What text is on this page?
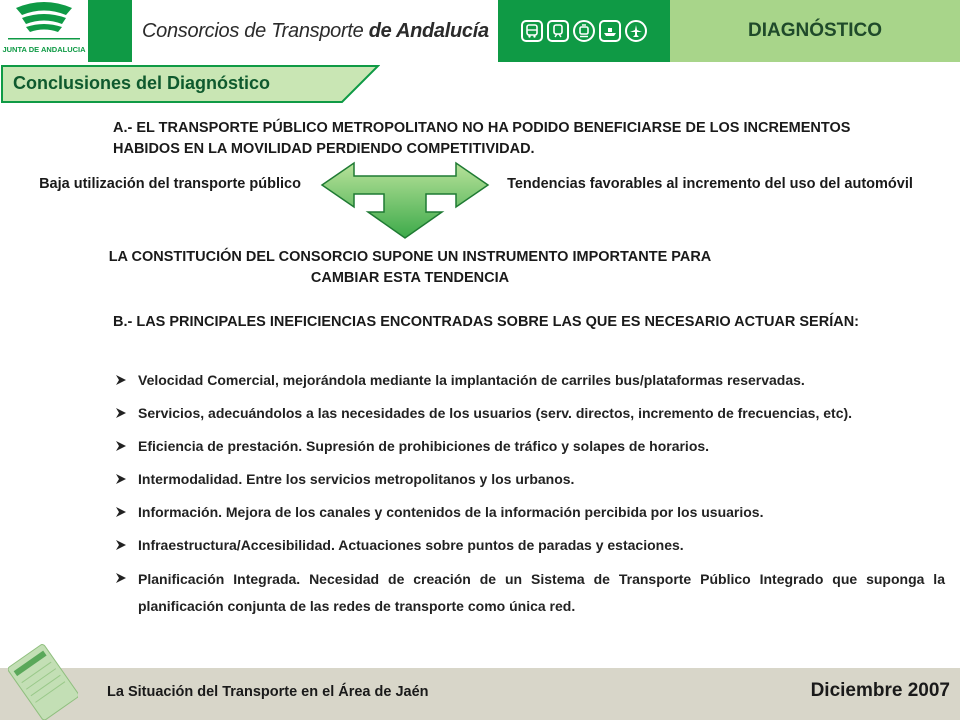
JUNTA DE ANDALUCIA
Consorcios de Transporte de Andalucía	DIAGNÓSTICO
Conclusiones del Diagnóstico
A.- EL TRANSPORTE PÚBLICO METROPOLITANO NO HA PODIDO BENEFICIARSE DE LOS INCREMENTOS HABIDOS EN LA MOVILIDAD PERDIENDO COMPETITIVIDAD.
Baja utilización del transporte público	Tendencias favorables al incremento del uso del automóvil
LA CONSTITUCIÓN DEL CONSORCIO SUPONE UN INSTRUMENTO IMPORTANTE PARA CAMBIAR ESTA TENDENCIA
B.- LAS PRINCIPALES INEFICIENCIAS ENCONTRADAS SOBRE LAS QUE ES NECESARIO ACTUAR SERÍAN:
Velocidad Comercial, mejorándola mediante la implantación de carriles bus/plataformas reservadas.
Servicios, adecuándolos a las necesidades de los usuarios (serv. directos, incremento de frecuencias, etc).
Eficiencia de prestación. Supresión de prohibiciones de tráfico y solapes de horarios.
Intermodalidad. Entre los servicios metropolitanos y los urbanos.
Información. Mejora de los canales y contenidos de la información percibida por los usuarios.
Infraestructura/Accesibilidad. Actuaciones sobre puntos de paradas y estaciones.
Planificación Integrada. Necesidad de creación de un Sistema de Transporte Público Integrado que suponga la planificación conjunta de las redes de transporte como única red.
La Situación del Transporte en el Área de Jaén	Diciembre 2007
